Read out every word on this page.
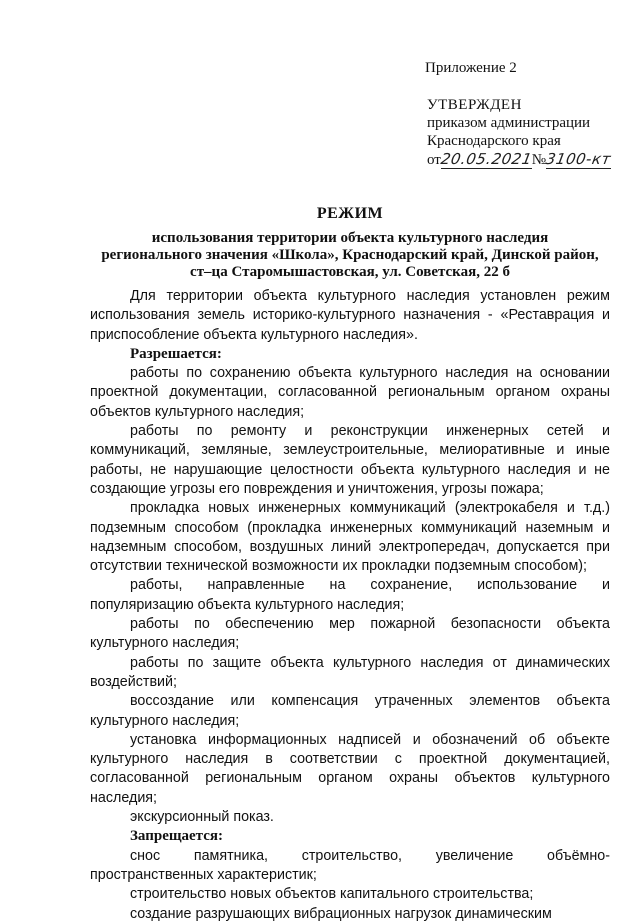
Приложение 2
УТВЕРЖДЕН
приказом администрации
Краснодарского края
от20.05.2021№3100-кт
РЕЖИМ
использования территории объекта культурного наследия
регионального значения «Школа», Краснодарский край, Динской район,
ст–ца Старомышастовская, ул. Советская, 22 б

Для территории объекта культурного наследия установлен режим использования земель историко-культурного назначения - «Реставрация и приспособление объекта культурного наследия».

Разрешается:

работы по сохранению объекта культурного наследия на основании проектной документации, согласованной региональным органом охраны объектов культурного наследия;

работы по ремонту и реконструкции инженерных сетей и коммуникаций, земляные, землеустроительные, мелиоративные и иные работы, не нарушающие целостности объекта культурного наследия и не создающие угрозы его повреждения и уничтожения, угрозы пожара;

прокладка новых инженерных коммуникаций (электрокабеля и т.д.) подземным способом (прокладка инженерных коммуникаций наземным и надземным способом, воздушных линий электропередач, допускается при отсутствии технической возможности их прокладки подземным способом);

работы, направленные на сохранение, использование и популяризацию объекта культурного наследия;

работы по обеспечению мер пожарной безопасности объекта культурного наследия;

работы по защите объекта культурного наследия от динамических воздействий;

воссоздание или компенсация утраченных элементов объекта культурного наследия;

установка информационных надписей и обозначений об объекте культурного наследия в соответствии с проектной документацией, согласованной региональным органом охраны объектов культурного наследия;

экскурсионный показ.

Запрещается:

снос памятника, строительство, увеличение объёмно-пространственных характеристик;

строительство новых объектов капитального строительства;

создание разрушающих вибрационных нагрузок динамическим
